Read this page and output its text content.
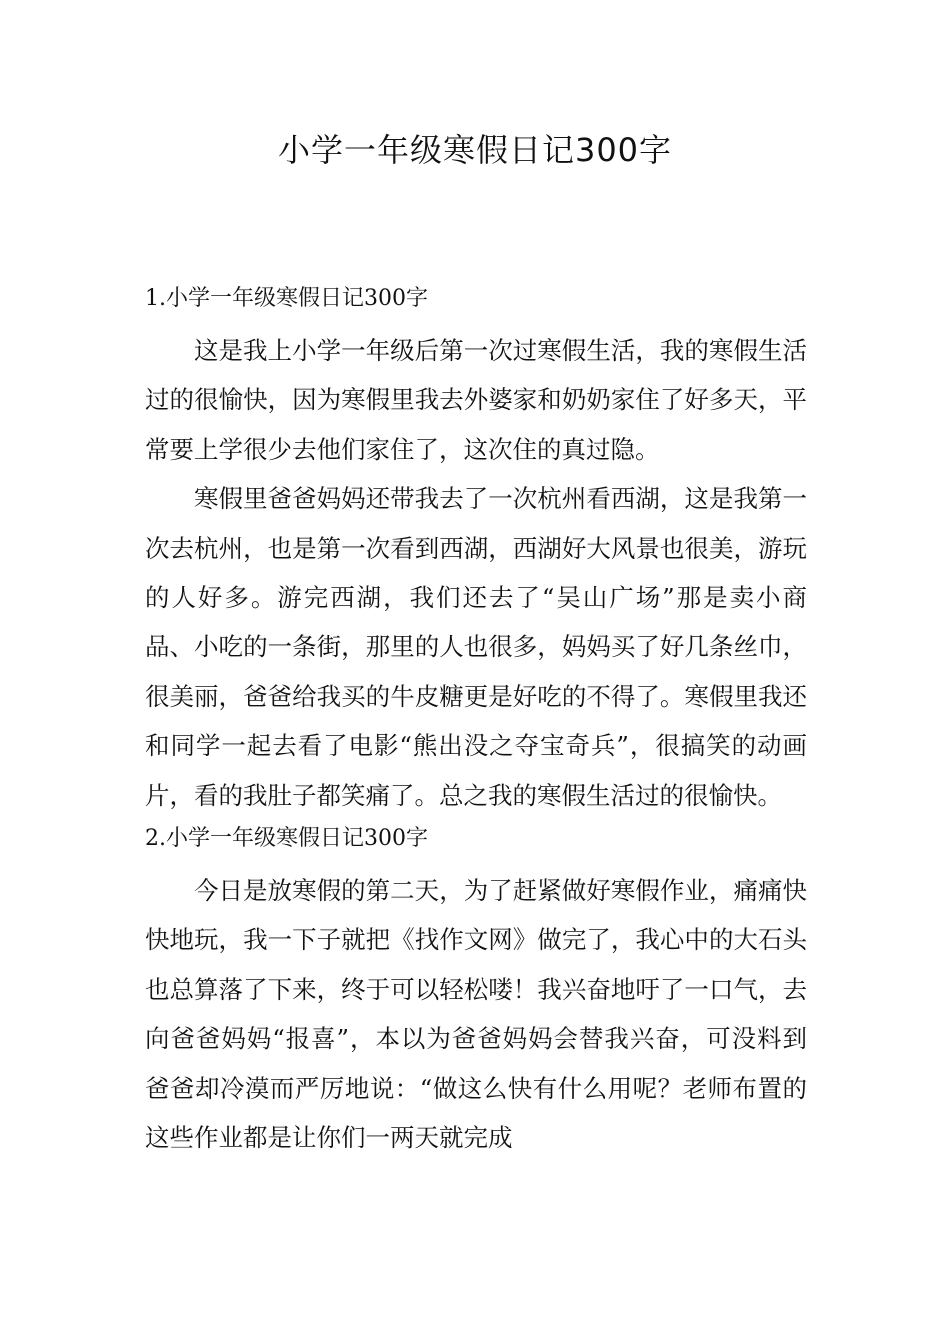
小学一年级寒假日记300字
1.小学一年级寒假日记300字

这是我上小学一年级后第一次过寒假生活，我的寒假生活过的很愉快，因为寒假里我去外婆家和奶奶家住了好多天，平常要上学很少去他们家住了，这次住的真过隐。

寒假里爸爸妈妈还带我去了一次杭州看西湖，这是我第一次去杭州，也是第一次看到西湖，西湖好大风景也很美，游玩的人好多。游完西湖，我们还去了“吴山广场”那是卖小商品、小吃的一条街，那里的人也很多，妈妈买了好几条丝巾，很美丽，爸爸给我买的牛皮糖更是好吃的不得了。寒假里我还和同学一起去看了电影“熊出没之夺宝奇兵”，很搞笑的动画片，看的我肚子都笑痛了。总之我的寒假生活过的很愉快。

2.小学一年级寒假日记300字

今日是放寒假的第二天，为了赶紧做好寒假作业，痛痛快快地玩，我一下子就把《找作文网》做完了，我心中的大石头也总算落了下来，终于可以轻松喽！我兴奋地吁了一口气，去向爸爸妈妈“报喜”，本以为爸爸妈妈会替我兴奋，可没料到爸爸却冷漠而严厉地说：“做这么快有什么用呢？老师布置的这些作业都是让你们一两天就完成
